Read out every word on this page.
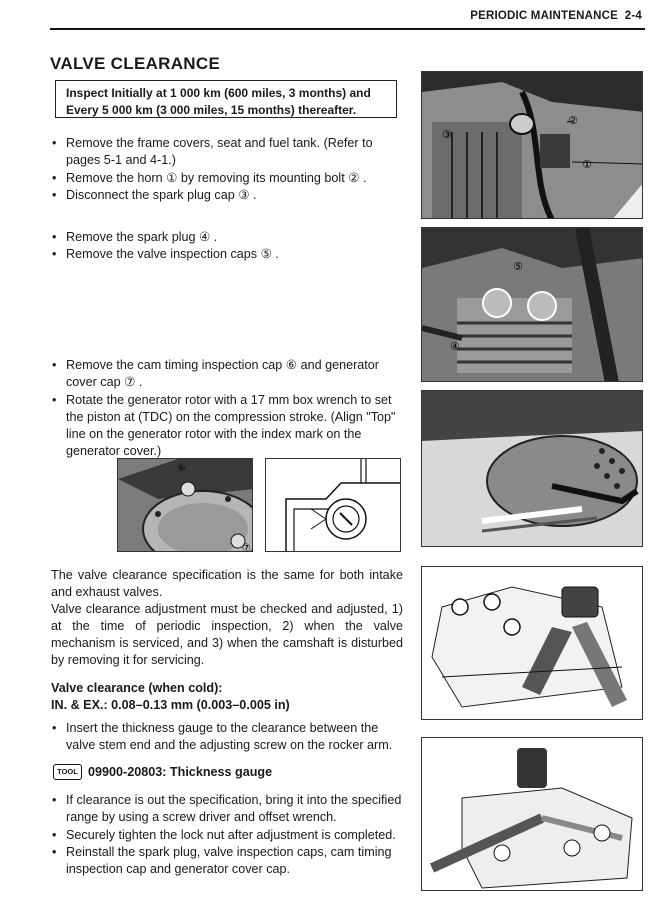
PERIODIC MAINTENANCE 2-4
VALVE CLEARANCE
Inspect Initially at 1 000 km (600 miles, 3 months) and
Every 5 000 km (3 000 miles, 15 months) thereafter.
• Remove the frame covers, seat and fuel tank. (Refer to pages 5-1 and 4-1.)
• Remove the horn ① by removing its mounting bolt ② .
• Disconnect the spark plug cap ③ .
• Remove the spark plug ④ .
• Remove the valve inspection caps ⑤ .
• Remove the cam timing inspection cap ⑥ and generator cover cap ⑦ .
• Rotate the generator rotor with a 17 mm box wrench to set the piston at (TDC) on the compression stroke. (Align "Top" line on the generator rotor with the index mark on the generator cover.)
⑥
⑦
The valve clearance specification is the same for both intake and exhaust valves.
Valve clearance adjustment must be checked and adjusted, 1) at the time of periodic inspection, 2) when the valve mechanism is serviced, and 3) when the camshaft is disturbed by removing it for servicing.
Valve clearance (when cold):
IN. & EX.: 0.08–0.13 mm (0.003–0.005 in)
• Insert the thickness gauge to the clearance between the valve stem end and the adjusting screw on the rocker arm.
TOOL 09900-20803: Thickness gauge
• If clearance is out the specification, bring it into the specified range by using a screw driver and offset wrench.
• Securely tighten the lock nut after adjustment is completed.
• Reinstall the spark plug, valve inspection caps, cam timing inspection cap and generator cover cap.
②
①
③
⑤
④
